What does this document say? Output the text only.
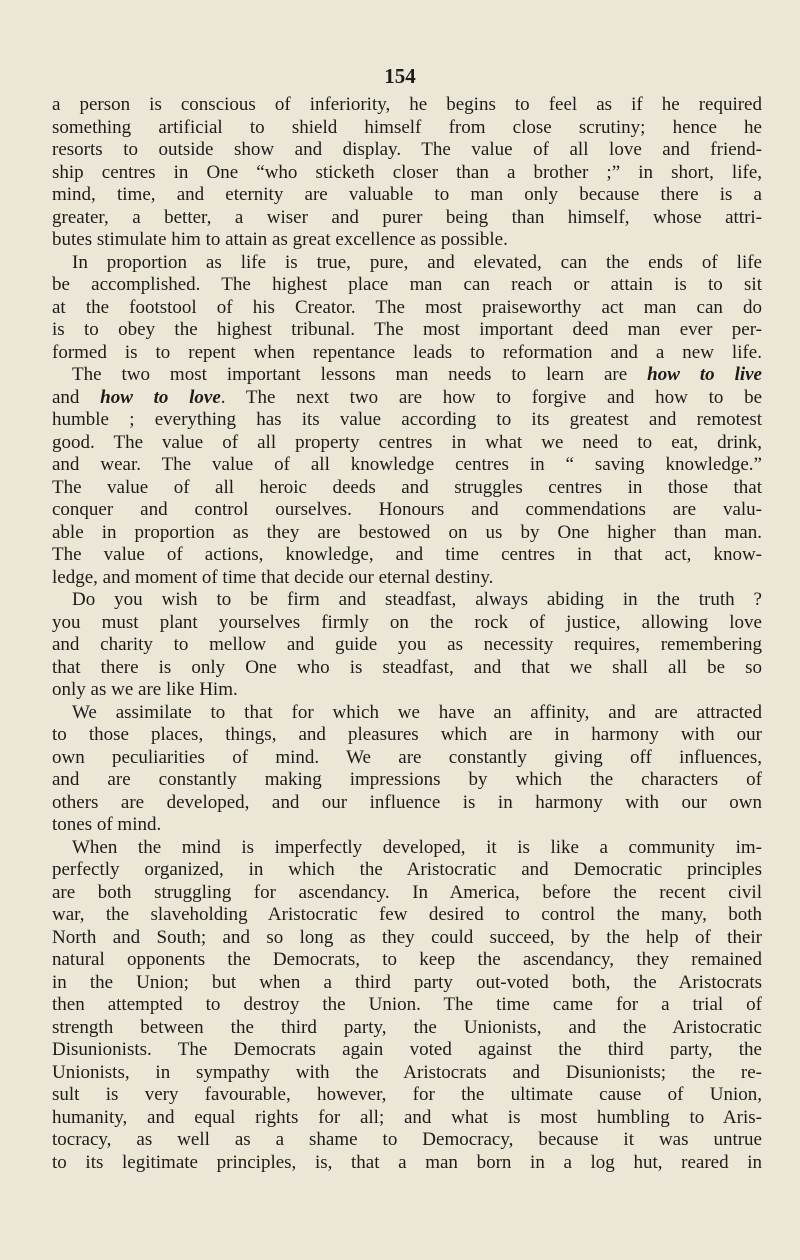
154
a person is conscious of inferiority, he begins to feel as if he required
something artificial to shield himself from close scrutiny; hence he
resorts to outside show and display. The value of all love and friend-
ship centres in One “who sticketh closer than a brother ;” in short, life,
mind, time, and eternity are valuable to man only because there is a
greater, a better, a wiser and purer being than himself, whose attri-
butes stimulate him to attain as great excellence as possible.
In proportion as life is true, pure, and elevated, can the ends of life
be accomplished. The highest place man can reach or attain is to sit
at the footstool of his Creator. The most praiseworthy act man can do
is to obey the highest tribunal. The most important deed man ever per-
formed is to repent when repentance leads to reformation and a new life.
The two most important lessons man needs to learn are how to live
and how to love. The next two are how to forgive and how to be
humble ; everything has its value according to its greatest and remotest
good. The value of all property centres in what we need to eat, drink,
and wear. The value of all knowledge centres in “ saving knowledge.”
The value of all heroic deeds and struggles centres in those that
conquer and control ourselves. Honours and commendations are valu-
able in proportion as they are bestowed on us by One higher than man.
The value of actions, knowledge, and time centres in that act, know-
ledge, and moment of time that decide our eternal destiny.
Do you wish to be firm and steadfast, always abiding in the truth ?
you must plant yourselves firmly on the rock of justice, allowing love
and charity to mellow and guide you as necessity requires, remembering
that there is only One who is steadfast, and that we shall all be so
only as we are like Him.
We assimilate to that for which we have an affinity, and are attracted
to those places, things, and pleasures which are in harmony with our
own peculiarities of mind. We are constantly giving off influences,
and are constantly making impressions by which the characters of
others are developed, and our influence is in harmony with our own
tones of mind.
When the mind is imperfectly developed, it is like a community im-
perfectly organized, in which the Aristocratic and Democratic principles
are both struggling for ascendancy. In America, before the recent civil
war, the slaveholding Aristocratic few desired to control the many, both
North and South; and so long as they could succeed, by the help of their
natural opponents the Democrats, to keep the ascendancy, they remained
in the Union; but when a third party out-voted both, the Aristocrats
then attempted to destroy the Union. The time came for a trial of
strength between the third party, the Unionists, and the Aristocratic
Disunionists. The Democrats again voted against the third party, the
Unionists, in sympathy with the Aristocrats and Disunionists; the re-
sult is very favourable, however, for the ultimate cause of Union,
humanity, and equal rights for all; and what is most humbling to Aris-
tocracy, as well as a shame to Democracy, because it was untrue
to its legitimate principles, is, that a man born in a log hut, reared in
